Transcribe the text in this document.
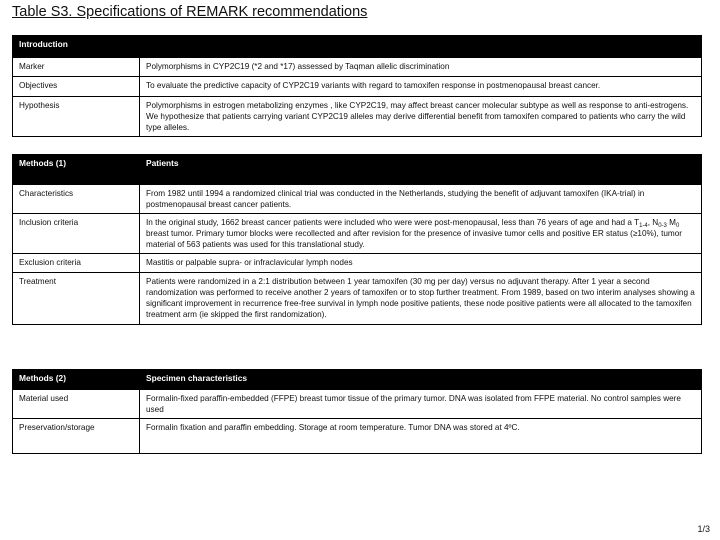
Table S3. Specifications of REMARK recommendations
Introduction	
Marker	Polymorphisms in CYP2C19 (*2 and *17) assessed by Taqman allelic discrimination
Objectives	To evaluate the predictive capacity of CYP2C19 variants with regard to tamoxifen response in postmenopausal breast cancer.
Hypothesis	Polymorphisms in estrogen metabolizing enzymes , like CYP2C19, may affect breast cancer molecular subtype as well as response to anti-estrogens. We hypothesize that patients carrying variant CYP2C19 alleles may derive differential benefit from tamoxifen compared to patients who carry the wild type alleles.
Methods (1)	Patients
Characteristics	From 1982 until 1994 a randomized clinical trial was conducted in the Netherlands, studying the benefit of adjuvant tamoxifen (IKA-trial) in postmenopausal breast cancer patients.
Inclusion criteria	In the original study, 1662 breast cancer patients were included who were were post-menopausal, less than 76 years of age and had a $T_{1-4}$, $N_{0-3}$ $M_0$ breast tumor. Primary tumor blocks were recollected and after revision for the presence of invasive tumor cells and positive ER status (≥10%), tumor material of 563 patients was used for this translational study.
Exclusion criteria	Mastitis or palpable supra- or infraclavicular lymph nodes
Treatment	Patients were randomized in a 2:1 distribution between 1 year tamoxifen (30 mg per day) versus no adjuvant therapy. After 1 year a second randomization was performed to receive another 2 years of tamoxifen or to stop further treatment. From 1989, based on two interim analyses showing a significant improvement in recurrence free-free survival in lymph node positive patients, these node positive patients were all allocated to the tamoxifen treatment arm (ie skipped the first randomization).
Methods (2)	Specimen characteristics
Material used	Formalin-fixed paraffin-embedded (FFPE) breast tumor tissue of the primary tumor. DNA was isolated from FFPE material. No control samples were used
Preservation/storage	Formalin fixation and paraffin embedding. Storage at room temperature. Tumor DNA was stored at 4ºC.
1/3
